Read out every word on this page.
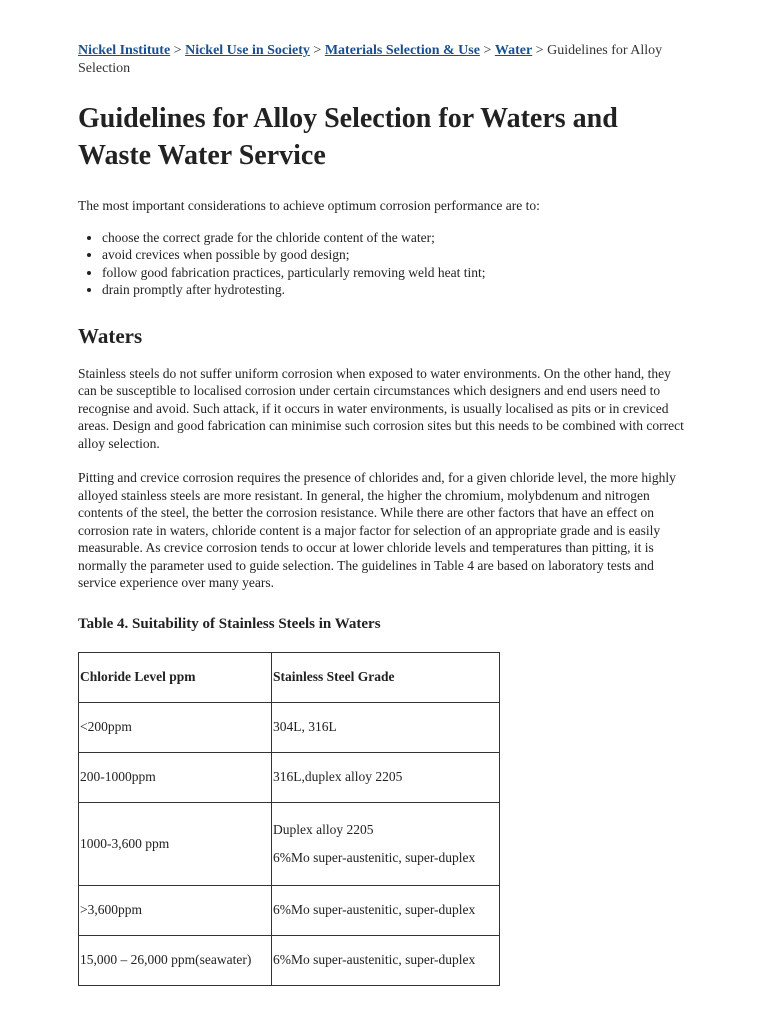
Nickel Institute > Nickel Use in Society > Materials Selection & Use > Water > Guidelines for Alloy Selection
Guidelines for Alloy Selection for Waters and Waste Water Service

The most important considerations to achieve optimum corrosion performance are to:

• choose the correct grade for the chloride content of the water;
• avoid crevices when possible by good design;
• follow good fabrication practices, particularly removing weld heat tint;
• drain promptly after hydrotesting.
Waters

Stainless steels do not suffer uniform corrosion when exposed to water environments. On the other hand, they can be susceptible to localised corrosion under certain circumstances which designers and end users need to recognise and avoid. Such attack, if it occurs in water environments, is usually localised as pits or in creviced areas. Design and good fabrication can minimise such corrosion sites but this needs to be combined with correct alloy selection.

Pitting and crevice corrosion requires the presence of chlorides and, for a given chloride level, the more highly alloyed stainless steels are more resistant. In general, the higher the chromium, molybdenum and nitrogen contents of the steel, the better the corrosion resistance. While there are other factors that have an effect on corrosion rate in waters, chloride content is a major factor for selection of an appropriate grade and is easily measurable. As crevice corrosion tends to occur at lower chloride levels and temperatures than pitting, it is normally the parameter used to guide selection. The guidelines in Table 4 are based on laboratory tests and service experience over many years.

Table 4. Suitability of Stainless Steels in Waters
Chloride Level ppm	Stainless Steel Grade
<200ppm	304L, 316L

200-1000ppm	316L,duplex alloy 2205

1000-3,600 ppm	Duplex alloy 2205
6%Mo super-austenitic, super-duplex

>3,600ppm	6%Mo super-austenitic, super-duplex

15,000 – 26,000 ppm(seawater)	6%Mo super-austenitic, super-duplex
